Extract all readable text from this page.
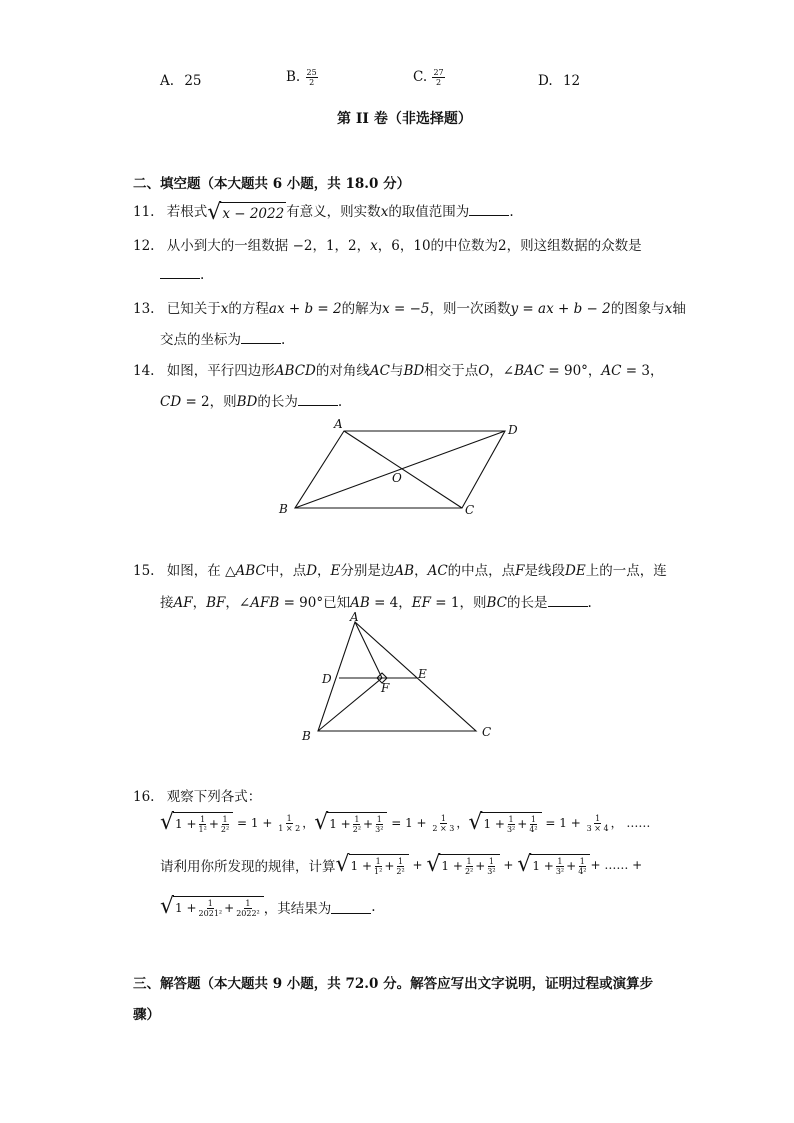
A. 25	B. $\frac{25}{2}$	C. $\frac{27}{2}$	D. 12
第 II 卷（非选择题）
二、填空题（本大题共 6 小题，共 18.0 分）
11. 若根式 √ x − 2022 有意义，则实数x的取值范围为	.
12. 从小到大的一组数据 −2，1，2，x，6，10的中位数为2，则这组数据的众数是
.
13. 已知关于x的方程ax + b = 2的解为x = −5，则一次函数y = ax + b − 2的图象与x轴
交点的坐标为	.
14. 如图，平行四边形ABCD的对角线AC与BD相交于点O，∠BAC = 90°，AC = 3，
CD = 2，则BD的长为	.
A	D
O
B	C
15. 如图，在 △ABC中，点D，E分别是边AB，AC的中点，点F是线段DE上的一点，连
接AF，BF，∠AFB = 90°已知AB = 4，EF = 1，则BC的长是	.
A
D	E
F
B	C
16. 观察下列各式：
√ $1 + \frac{1}{\text{1²}} + \frac{1}{\text{2²}} = 1 + \frac{1}{1 \times 2}$ ， √ $1 + \frac{1}{\text{2²}} + \frac{1}{\text{3²}} = 1 + \frac{1}{2 \times 3}$ ， √ $1 + \frac{1}{\text{3²}} + \frac{1}{\text{4²}} = 1 + \frac{1}{3 \times 4}$ ， ……
请利用你所发现的规律，计算 √ $1 + \frac{1}{\text{1²}} + \frac{1}{\text{2²}}$ + √ $1 + \frac{1}{\text{2²}} + \frac{1}{\text{3²}}$ + √ $1 + \frac{1}{\text{3²}} + \frac{1}{\text{4²}}$ + …… +
√ $1 + \frac{1}{\text{2021²}} + \frac{1}{\text{2022²}}$ ，其结果为	.
三、解答题（本大题共 9 小题，共 72.0 分。解答应写出文字说明，证明过程或演算步
骤）
